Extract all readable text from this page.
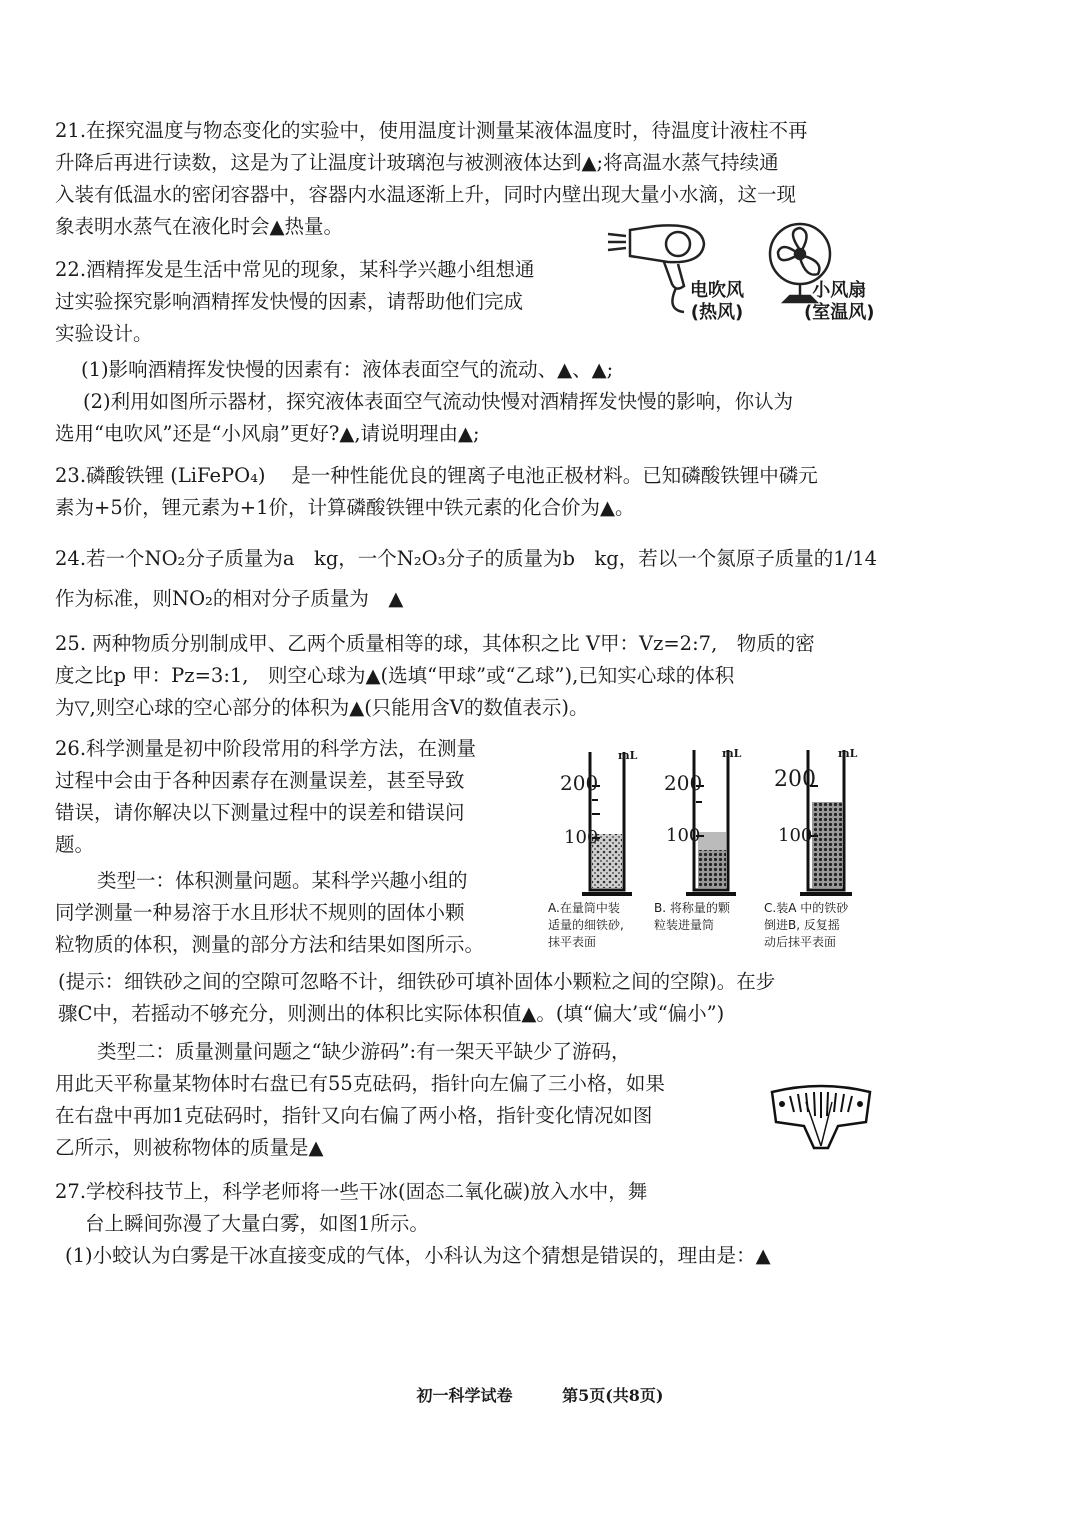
21.在探究温度与物态变化的实验中，使用温度计测量某液体温度时，待温度计液柱不再
升降后再进行读数，这是为了让温度计玻璃泡与被测液体达到▲;将高温水蒸气持续通
入装有低温水的密闭容器中，容器内水温逐渐上升，同时内壁出现大量小水滴，这一现
象表明水蒸气在液化时会▲热量。
22.酒精挥发是生活中常见的现象，某科学兴趣小组想通
过实验探究影响酒精挥发快慢的因素，请帮助他们完成
实验设计。
电吹风
(热风)
小风扇
(室温风)
(1)影响酒精挥发快慢的因素有：液体表面空气的流动、▲、▲;
(2)利用如图所示器材，探究液体表面空气流动快慢对酒精挥发快慢的影响，你认为
选用“电吹风”还是“小风扇”更好?▲,请说明理由▲;
23.磷酸铁锂 (LiFePO₄)　 是一种性能优良的锂离子电池正极材料。已知磷酸铁锂中磷元
素为+5价，锂元素为+1价，计算磷酸铁锂中铁元素的化合价为▲。
24.若一个NO₂分子质量为a　kg，一个N₂O₃分子的质量为b　kg，若以一个氮原子质量的1/14
作为标准，则NO₂的相对分子质量为　▲
25. 两种物质分别制成甲、乙两个质量相等的球，其体积之比 V甲：Vz=2:7,　物质的密
度之比p 甲：Pz=3:1,　则空心球为▲(选填“甲球”或“乙球”),已知实心球的体积
为▽,则空心球的空心部分的体积为▲(只能用含V的数值表示)。
26.科学测量是初中阶段常用的科学方法，在测量
过程中会由于各种因素存在测量误差，甚至导致
错误，请你解决以下测量过程中的误差和错误问
题。
类型一：体积测量问题。某科学兴趣小组的
同学测量一种易溶于水且形状不规则的固体小颗
粒物质的体积，测量的部分方法和结果如图所示。
mL
200
100
mL
200
100
mL
200
100
A.在量筒中装
适量的细铁砂,
抹平表面
B. 将称量的颗
粒装进量筒
C.装A 中的铁砂
倒进B, 反复摇
动后抹平表面
(提示：细铁砂之间的空隙可忽略不计，细铁砂可填补固体小颗粒之间的空隙)。在步
骤C中，若摇动不够充分，则测出的体积比实际体积值▲。(填“偏大’或“偏小”)
类型二：质量测量问题之“缺少游码”:有一架天平缺少了游码，
用此天平称量某物体时右盘已有55克砝码，指针向左偏了三小格，如果
在右盘中再加1克砝码时，指针又向右偏了两小格，指针变化情况如图
乙所示，则被称物体的质量是▲
27.学校科技节上，科学老师将一些干冰(固态二氧化碳)放入水中，舞
台上瞬间弥漫了大量白雾，如图1所示。
(1)小蛟认为白雾是干冰直接变成的气体，小科认为这个猜想是错误的，理由是：▲
初一科学试卷	第5页(共8页)
